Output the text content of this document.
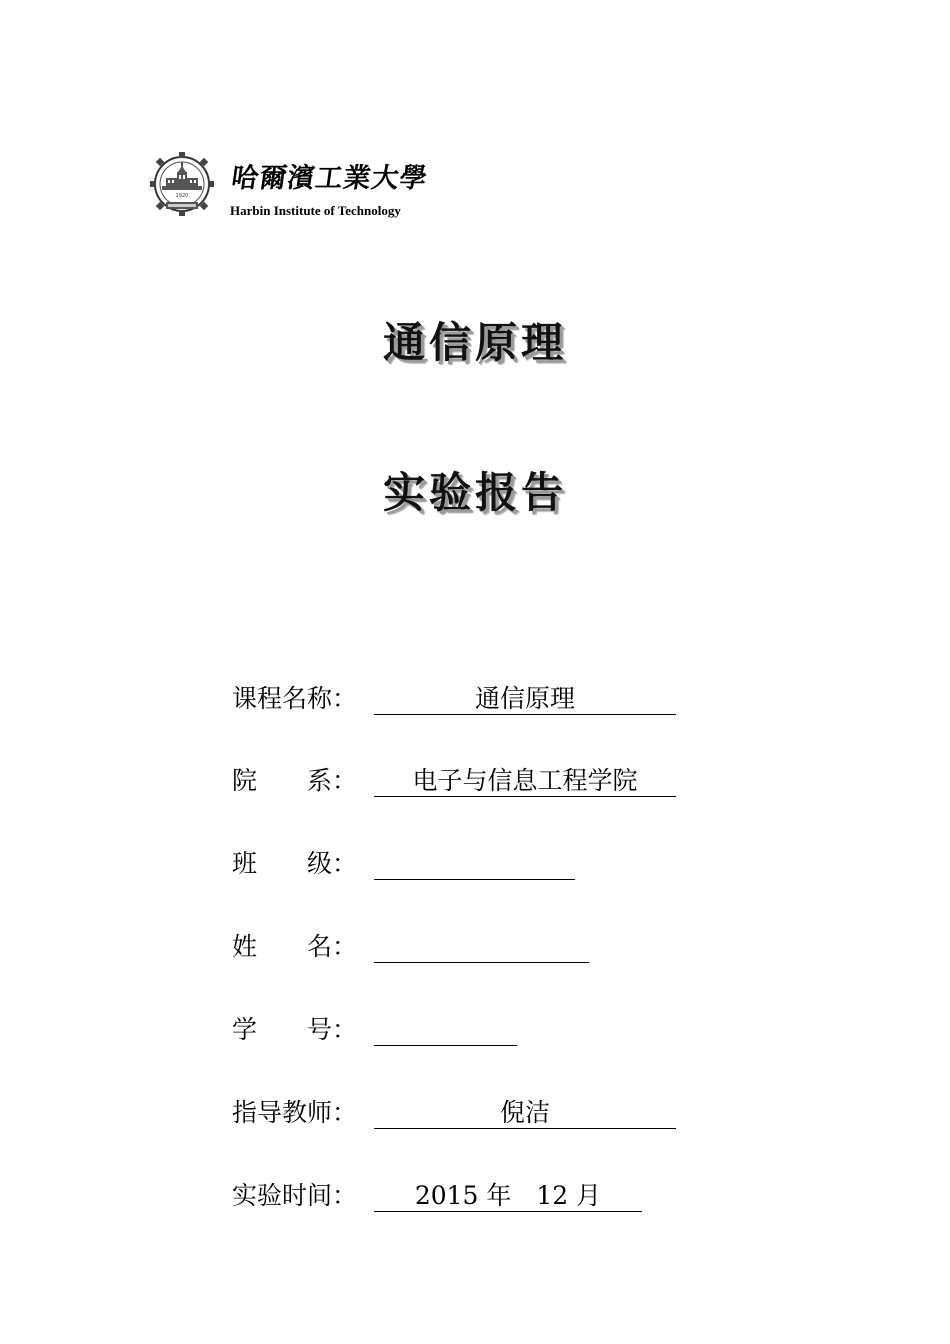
1920
哈爾濱工業大學
Harbin Institute of Technology
通信原理
实验报告
课程名称：	通信原理
院　　系：	电子与信息工程学院
班　　级：
姓　　名：
学　　号：
指导教师：	倪洁
实验时间：	2015 年　12 月
